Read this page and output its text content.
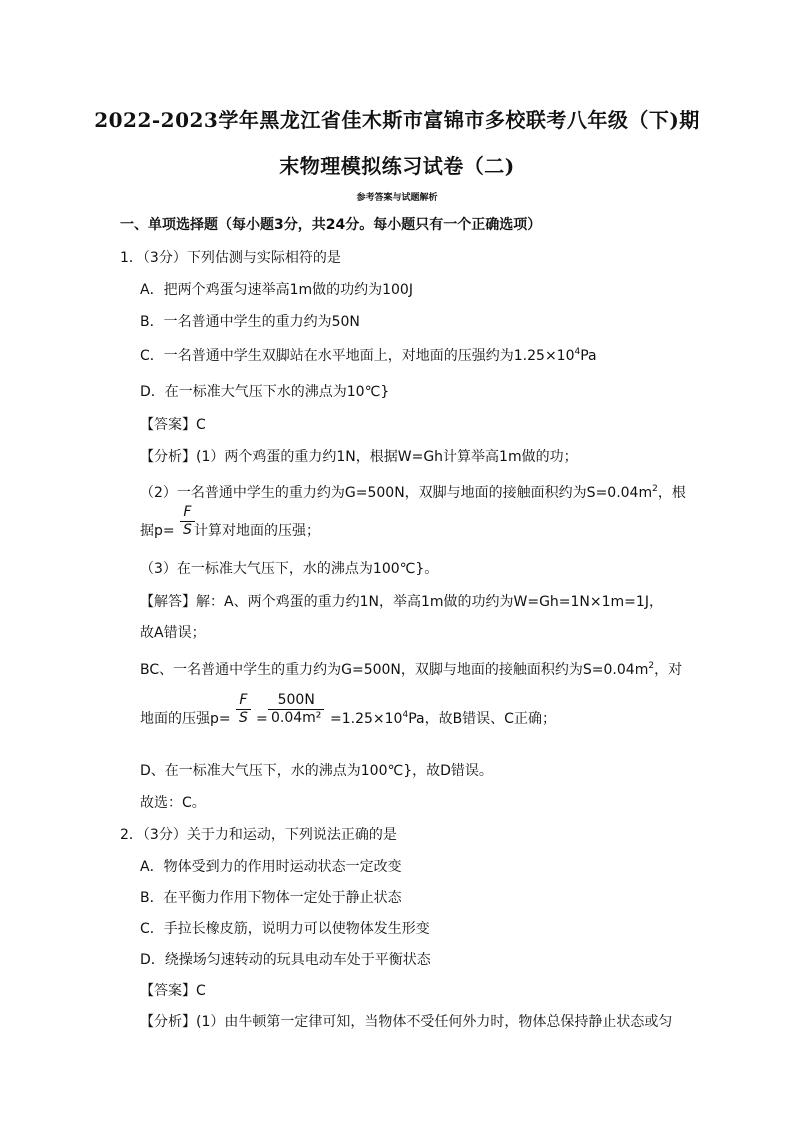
2022-2023学年黑龙江省佳木斯市富锦市多校联考八年级（下)期
末物理模拟练习试卷（二)
参考答案与试题解析
一、单项选择题（每小题3分，共24分。每小题只有一个正确选项）
1．（3分）下列估测与实际相符的是
A．把两个鸡蛋匀速举高1m做的功约为100J
B．一名普通中学生的重力约为50N
C．一名普通中学生双脚站在水平地面上，对地面的压强约为$1.25\times 10^4Pa$
D．在一标准大气压下水的沸点为10℃}
【答案】C
【分析】(1）两个鸡蛋的重力约1N，根据W=Gh计算举高1m做的功；
（2）一名普通中学生的重力约为G=500N，双脚与地面的接触面积约为$S=0.04m^2$，根
据p=
F
S 计算对地面的压强；
（3）在一标准大气压下，水的沸点为100℃}。
【解答】解：A、两个鸡蛋的重力约1N，举高1m做的功约为W=Gh=1N×1m=1J，
故A错误；
BC、一名普通中学生的重力约为G=500N，双脚与地面的接触面积约为$S=0.04m^2$，对
地面的压强p=
F
S =
500N
$0.04m^2 =1.25\times 10^4Pa$，故B错误、C正确；
D、在一标准大气压下，水的沸点为100℃}，故D错误。
故选：C。
2．（3分）关于力和运动，下列说法正确的是
A．物体受到力的作用时运动状态一定改变
B．在平衡力作用下物体一定处于静止状态
C．手拉长橡皮筋，说明力可以使物体发生形变
D．绕操场匀速转动的玩具电动车处于平衡状态
【答案】C
【分析】(1）由牛顿第一定律可知，当物体不受任何外力时，物体总保持静止状态或匀
